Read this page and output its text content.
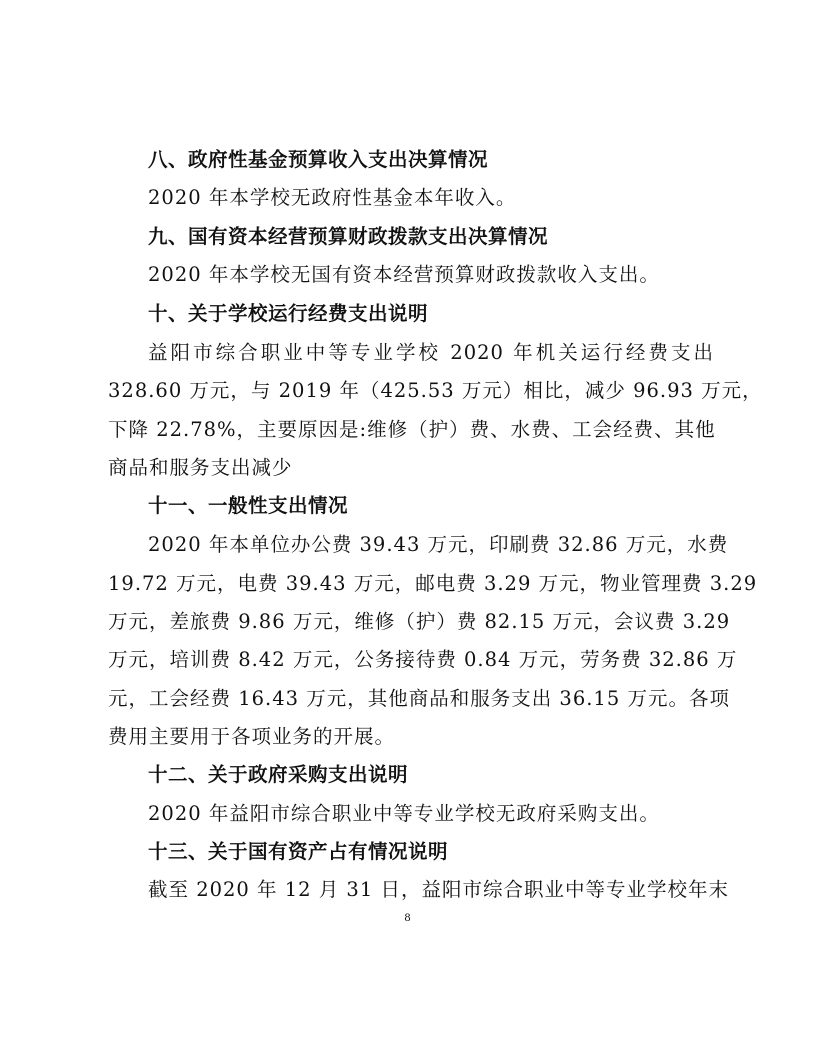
八、政府性基金预算收入支出决算情况
2020 年本学校无政府性基金本年收入。
九、国有资本经营预算财政拨款支出决算情况
2020 年本学校无国有资本经营预算财政拨款收入支出。
十、关于学校运行经费支出说明
益阳市综合职业中等专业学校 2020 年机关运行经费支出
328.60 万元，与 2019 年（425.53 万元）相比，减少 96.93 万元，
下降 22.78%，主要原因是:维修（护）费、水费、工会经费、其他
商品和服务支出减少
十一、一般性支出情况
2020 年本单位办公费 39.43 万元，印刷费 32.86 万元，水费
19.72 万元，电费 39.43 万元，邮电费 3.29 万元，物业管理费 3.29
万元，差旅费 9.86 万元，维修（护）费 82.15 万元，会议费 3.29
万元，培训费 8.42 万元，公务接待费 0.84 万元，劳务费 32.86 万
元，工会经费 16.43 万元，其他商品和服务支出 36.15 万元。各项
费用主要用于各项业务的开展。
十二、关于政府采购支出说明
2020 年益阳市综合职业中等专业学校无政府采购支出。
十三、关于国有资产占有情况说明
截至 2020 年 12 月 31 日，益阳市综合职业中等专业学校年末
8
